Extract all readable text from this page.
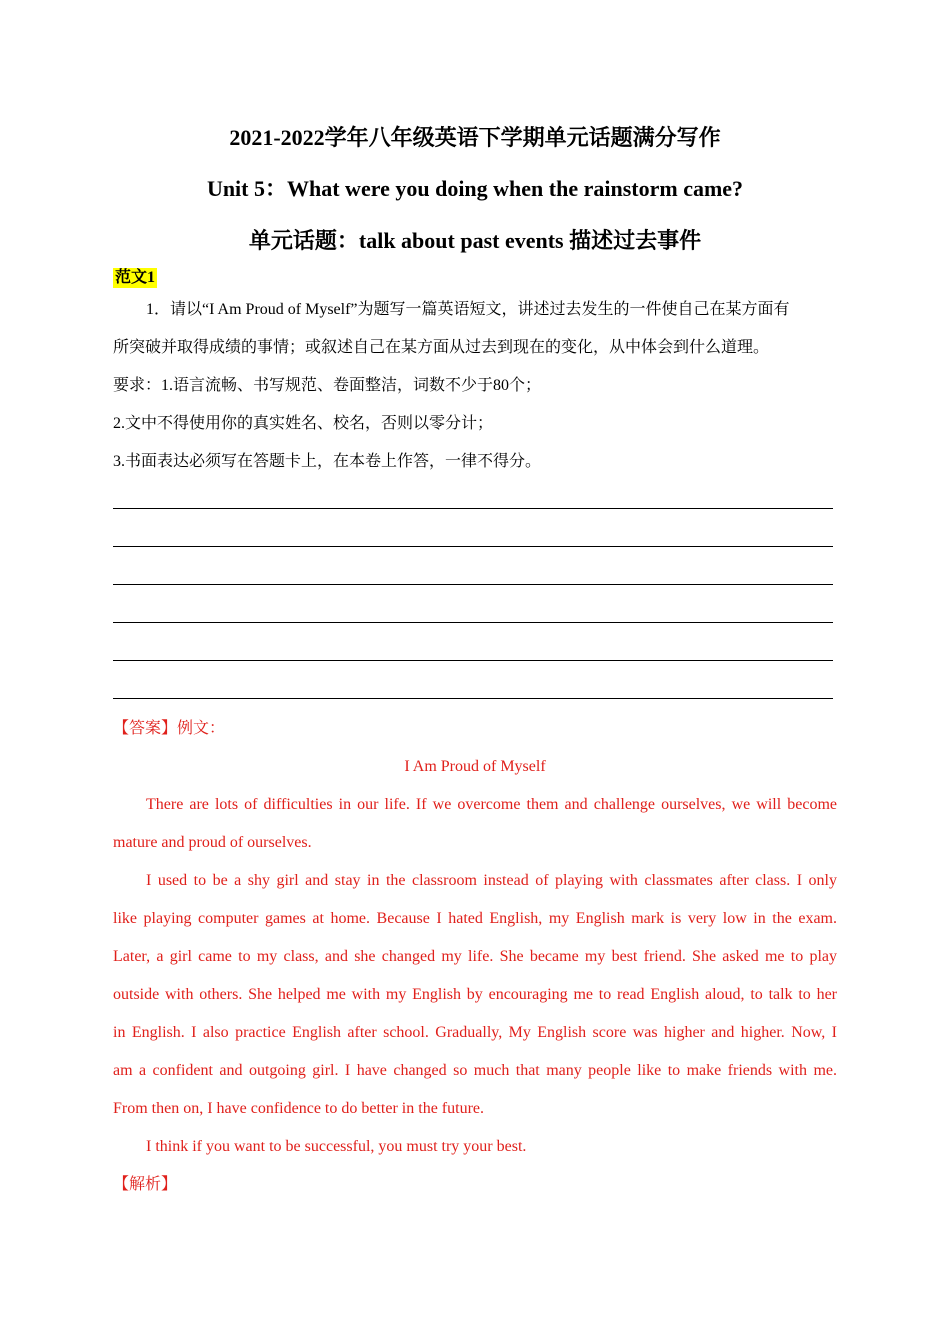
2021-2022学年八年级英语下学期单元话题满分写作
Unit 5：What were you doing when the rainstorm came?
单元话题：talk about past events 描述过去事件
范文1
1．请以“I Am Proud of Myself”为题写一篇英语短文，讲述过去发生的一件使自己在某方面有
所突破并取得成绩的事情；或叙述自己在某方面从过去到现在的变化，从中体会到什么道理。
要求：1.语言流畅、书写规范、卷面整洁，词数不少于80个；
2.文中不得使用你的真实姓名、校名，否则以零分计；
3.书面表达必须写在答题卡上，在本卷上作答，一律不得分。
【答案】例文：
I Am Proud of Myself
There are lots of difficulties in our life. If we overcome them and challenge ourselves, we will become
mature and proud of ourselves.
I used to be a shy girl and stay in the classroom instead of playing with classmates after class. I only
like playing computer games at home. Because I hated English, my English mark is very low in the exam.
Later, a girl came to my class, and she changed my life. She became my best friend. She asked me to play
outside with others. She helped me with my English by encouraging me to read English aloud, to talk to her
in English. I also practice English after school. Gradually, My English score was higher and higher. Now, I
am a confident and outgoing girl. I have changed so much that many people like to make friends with me.
From then on, I have confidence to do better in the future.
I think if you want to be successful, you must try your best.
【解析】
